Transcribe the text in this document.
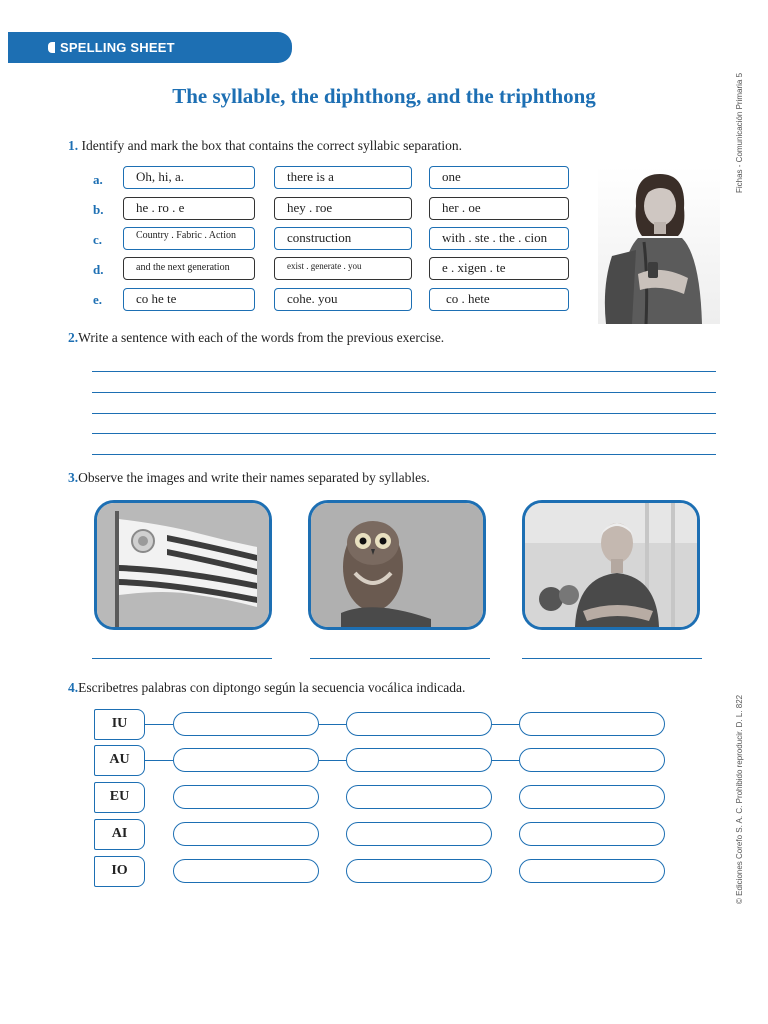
SPELLING SHEET
Fichas - Comunicación Primaria 5
© Ediciones Corefo S. A. C. Prohibido reproducir. D. L. 822
The syllable, the diphthong, and the triphthong
1. Identify and mark the box that contains the correct syllabic separation.
a.	Oh, hi, a.	there is a	one
b.	he . ro . e	hey . roe	her . oe
c.	Country . Fabric . Action	construction	with . ste . the . cion
d.	and the next generation	exist . generate . you	e . xigen . te
e.	co he te	cohe. you	co . hete
2.Write a sentence with each of the words from the previous exercise.
3.Observe the images and write their names separated by syllables.
4.Escribetres palabras con diptongo según la secuencia vocálica indicada.
IU
AU
EU
AI
IO
